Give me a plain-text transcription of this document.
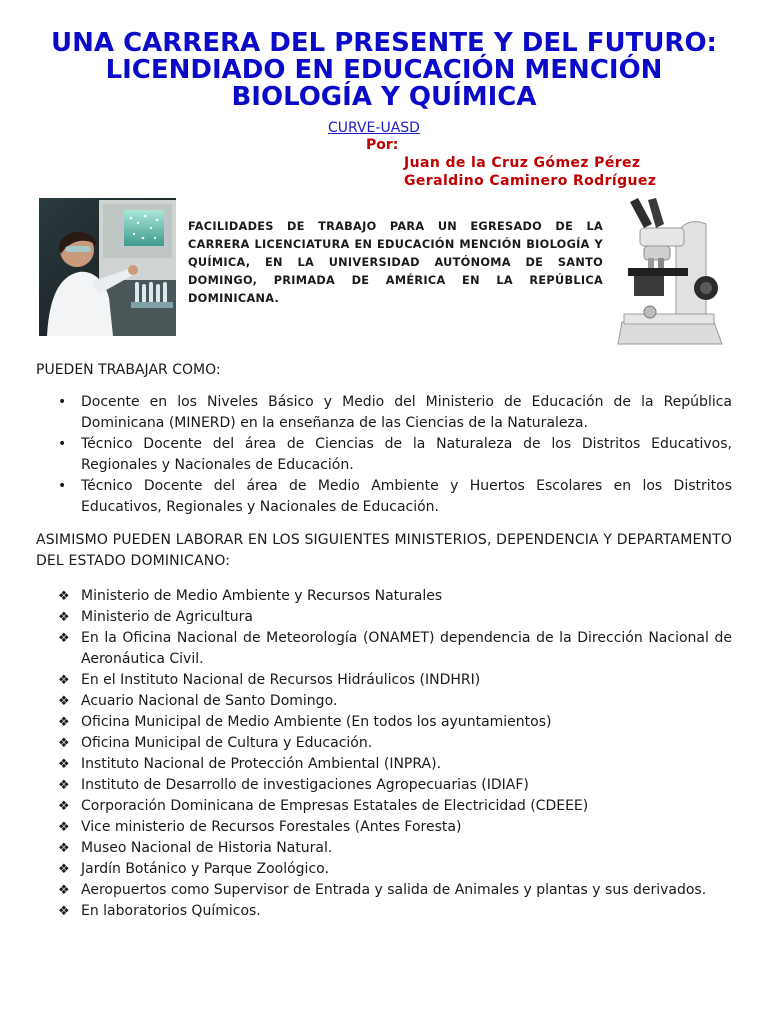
UNA CARRERA DEL PRESENTE Y DEL FUTURO:
LICENDIADO EN EDUCACIÓN MENCIÓN
BIOLOGÍA Y QUÍMICA
CURVE-UASD
Por:
Juan de la Cruz Gómez Pérez
Geraldino Caminero Rodríguez

FACILIDADES DE TRABAJO PARA UN EGRESADO DE LA CARRERA LICENCIATURA EN EDUCACIÓN MENCIÓN BIOLOGÍA Y QUÍMICA, EN LA UNIVERSIDAD AUTÓNOMA DE SANTO DOMINGO, PRIMADA DE AMÉRICA EN LA REPÚBLICA DOMINICANA.

PUEDEN TRABAJAR COMO:

• Docente en los Niveles Básico y Medio del Ministerio de Educación de la República Dominicana (MINERD) en la enseñanza de las Ciencias de la Naturaleza.
• Técnico Docente del área de Ciencias de la Naturaleza de los Distritos Educativos, Regionales y Nacionales de Educación.
• Técnico Docente del área de Medio Ambiente y Huertos Escolares en los Distritos Educativos, Regionales y Nacionales de Educación.

ASIMISMO PUEDEN LABORAR EN LOS SIGUIENTES MINISTERIOS, DEPENDENCIA Y DEPARTAMENTO DEL ESTADO DOMINICANO:

❖ Ministerio de Medio Ambiente y Recursos Naturales
❖ Ministerio de Agricultura
❖ En la Oficina Nacional de Meteorología (ONAMET) dependencia de la Dirección Nacional de Aeronáutica Civil.
❖ En el Instituto Nacional de Recursos Hidráulicos (INDHRI)
❖ Acuario Nacional de Santo Domingo.
❖ Oficina Municipal de Medio Ambiente (En todos los ayuntamientos)
❖ Oficina Municipal de Cultura y Educación.
❖ Instituto Nacional de Protección Ambiental (INPRA).
❖ Instituto de Desarrollo de investigaciones Agropecuarias (IDIAF)
❖ Corporación Dominicana de Empresas Estatales de Electricidad (CDEEE)
❖ Vice ministerio de Recursos Forestales (Antes Foresta)
❖ Museo Nacional de Historia Natural.
❖ Jardín Botánico y Parque Zoológico.
❖ Aeropuertos como Supervisor de Entrada y salida de Animales y plantas y sus derivados.
❖ En laboratorios Químicos.
